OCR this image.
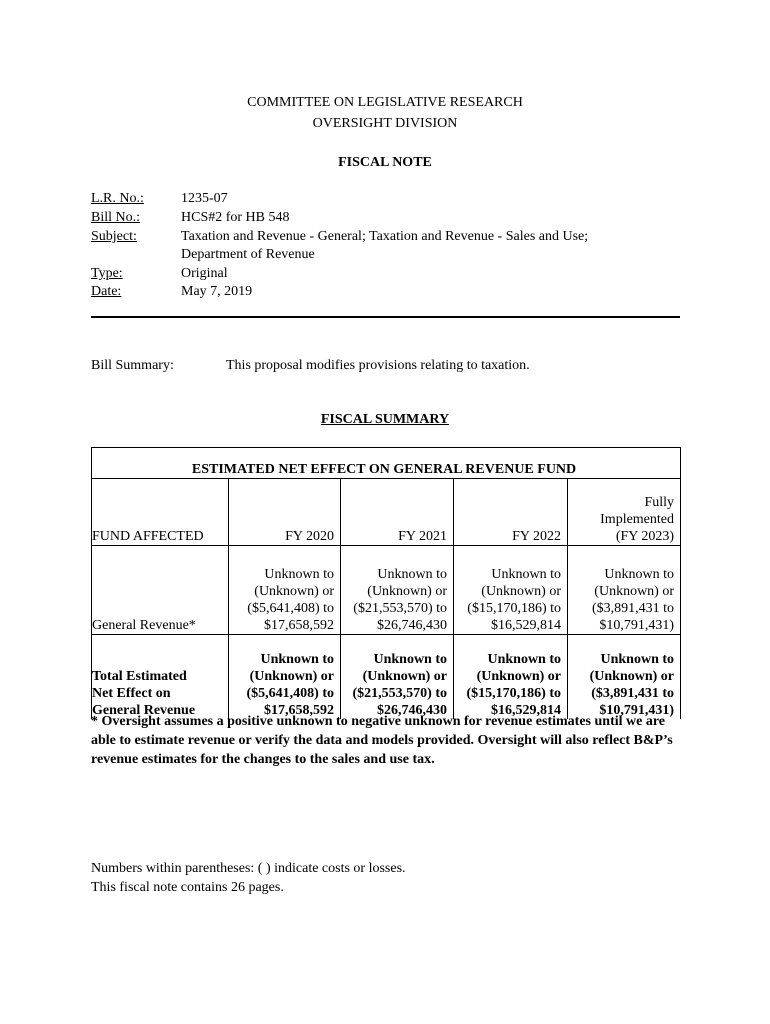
COMMITTEE ON LEGISLATIVE RESEARCH
OVERSIGHT DIVISION
FISCAL NOTE
L.R. No.:	1235-07
Bill No.:	HCS#2 for HB 548
Subject:	Taxation and Revenue - General; Taxation and Revenue - Sales and Use;
Department of Revenue
Type:	Original
Date:	May 7, 2019
Bill Summary:	This proposal modifies provisions relating to taxation.
FISCAL SUMMARY
ESTIMATED NET EFFECT ON GENERAL REVENUE FUND				
FUND AFFECTED	FY 2020	FY 2021	FY 2022	Fully
Implemented
(FY 2023)

General Revenue*	Unknown to
(Unknown) or
($5,641,408) to
$17,658,592	Unknown to
(Unknown) or
($21,553,570) to
$26,746,430	Unknown to
(Unknown) or
($15,170,186) to
$16,529,814	Unknown to
(Unknown) or
($3,891,431 to
$10,791,431)

Total Estimated
Net Effect on
General Revenue	Unknown to
(Unknown) or
($5,641,408) to
$17,658,592	Unknown to
(Unknown) or
($21,553,570) to
$26,746,430	Unknown to
(Unknown) or
($15,170,186) to
$16,529,814	Unknown to
(Unknown) or
($3,891,431 to
$10,791,431)
* Oversight assumes a positive unknown to negative unknown for revenue estimates until we are able to estimate revenue or verify the data and models provided. Oversight will also reflect B&P’s revenue estimates for the changes to the sales and use tax.
Numbers within parentheses: ( ) indicate costs or losses.
This fiscal note contains 26 pages.
